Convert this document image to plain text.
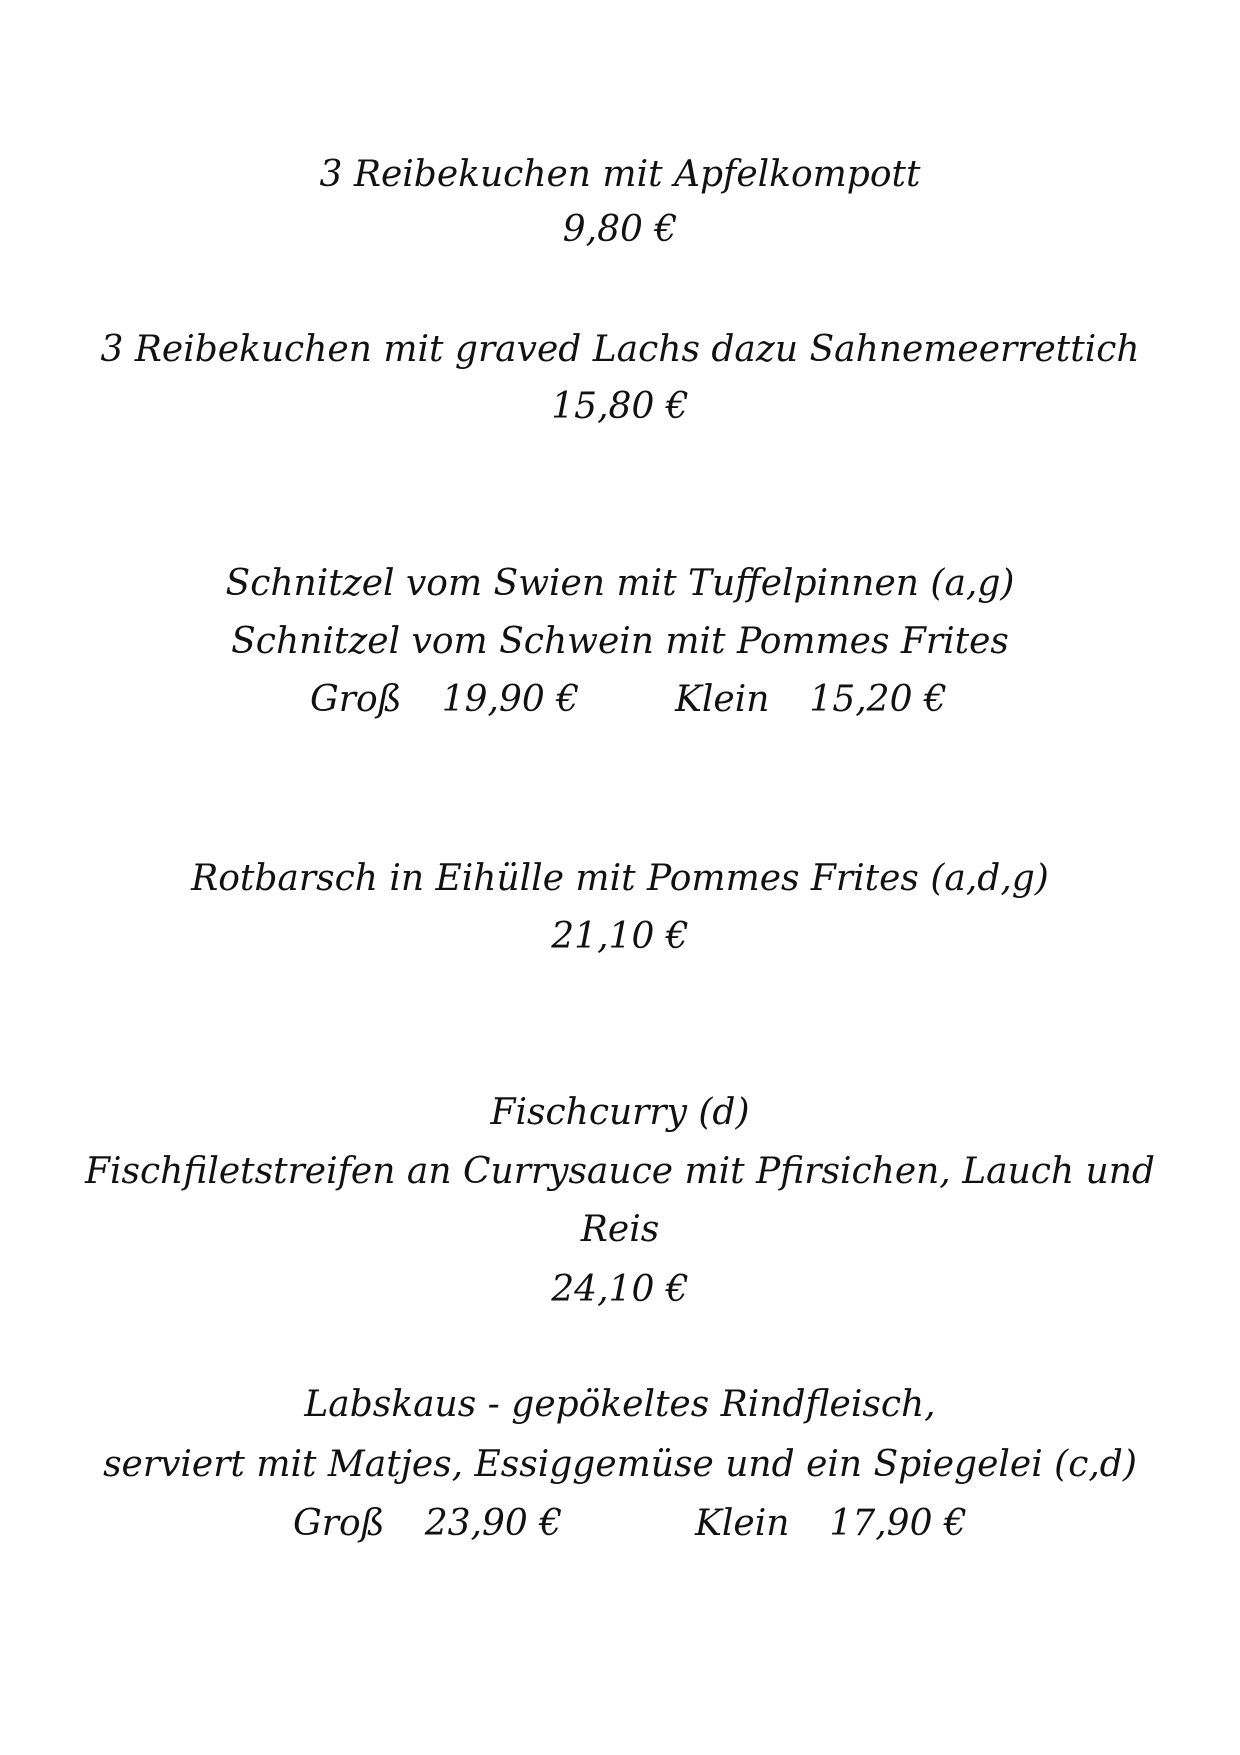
3 Reibekuchen mit Apfelkompott
9,80 €
3 Reibekuchen mit graved Lachs dazu Sahnemeerrettich
15,80 €
Schnitzel vom Swien mit Tuffelpinnen (a,g)
Schnitzel vom Schwein mit Pommes Frites
Groß 19,90 €	Klein 15,20 €
Rotbarsch in Eihülle mit Pommes Frites (a,d,g)
21,10 €
Fischcurry (d)
Fischfiletstreifen an Currysauce mit Pfirsichen, Lauch und
Reis
24,10 €
Labskaus - gepökeltes Rindfleisch,
serviert mit Matjes, Essiggemüse und ein Spiegelei (c,d)
Groß 23,90 €	Klein 17,90 €
